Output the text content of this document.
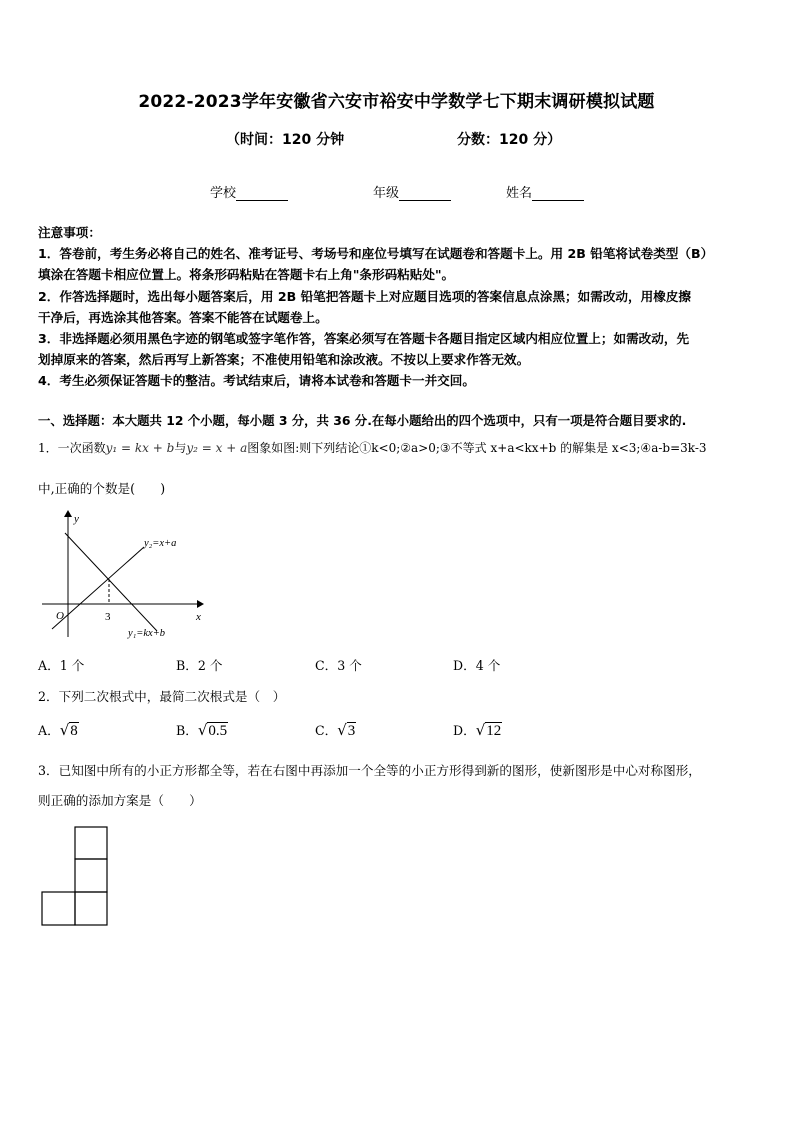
2022-2023学年安徽省六安市裕安中学数学七下期末调研模拟试题
（时间：120 分钟	分数：120 分）
学校	年级	姓名
注意事项：
1．答卷前，考生务必将自己的姓名、准考证号、考场号和座位号填写在试题卷和答题卡上。用 2B 铅笔将试卷类型（B）
填涂在答题卡相应位置上。将条形码粘贴在答题卡右上角"条形码粘贴处"。
2．作答选择题时，选出每小题答案后，用 2B 铅笔把答题卡上对应题目选项的答案信息点涂黑；如需改动，用橡皮擦
干净后，再选涂其他答案。答案不能答在试题卷上。
3．非选择题必须用黑色字迹的钢笔或签字笔作答，答案必须写在答题卡各题目指定区域内相应位置上；如需改动，先
划掉原来的答案，然后再写上新答案；不准使用铅笔和涂改液。不按以上要求作答无效。
4．考生必须保证答题卡的整洁。考试结束后，请将本试卷和答题卡一并交回。
一、选择题：本大题共 12 个小题，每小题 3 分，共 36 分.在每小题给出的四个选项中，只有一项是符合题目要求的.
1．一次函数y₁ = kx + b与y₂ = x + a图象如图:则下列结论①k<0;②a>0;③不等式 x+a<kx+b 的解集是 x<3;④a-b=3k-3
中,正确的个数是(　　)
y
x
O	3
y₂=x+a
y₁=kx+b
A．1 个	B．2 个	C．3 个	D．4 个
2．下列二次根式中，最简二次根式是（　）
A．√8	B．√0.5	C．√3	D．√12
3．已知图中所有的小正方形都全等，若在右图中再添加一个全等的小正方形得到新的图形，使新图形是中心对称图形，
则正确的添加方案是（　　）
